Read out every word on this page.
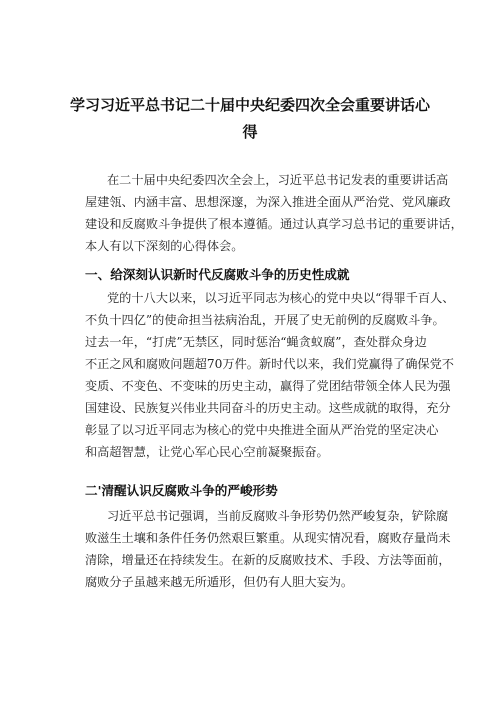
学习习近平总书记二十届中央纪委四次全会重要讲话心
得
在二十届中央纪委四次全会上，习近平总书记发表的重要讲话高
屋建瓴、内涵丰富、思想深邃，为深入推进全面从严治党、党风廉政
建设和反腐败斗争提供了根本遵循。通过认真学习总书记的重要讲话，
本人有以下深刻的心得体会。
一、给深刻认识新时代反腐败斗争的历史性成就
党的十八大以来，以习近平同志为核心的党中央以“得罪千百人、
不负十四亿”的使命担当祛病治乱，开展了史无前例的反腐败斗争。
过去一年，“打虎”无禁区，同时惩治“蝇贪蚁腐”，查处群众身边
不正之风和腐败问题超70万件。新时代以来，我们党赢得了确保党不
变质、不变色、不变味的历史主动，赢得了党团结带领全体人民为强
国建设、民族复兴伟业共同奋斗的历史主动。这些成就的取得，充分
彰显了以习近平同志为核心的党中央推进全面从严治党的坚定决心
和高超智慧，让党心军心民心空前凝聚振奋。
二'清醒认识反腐败斗争的严峻形势
习近平总书记强调，当前反腐败斗争形势仍然严峻复杂，铲除腐
败滋生土壤和条件任务仍然艰巨繁重。从现实情况看，腐败存量尚未
清除，增量还在持续发生。在新的反腐败技术、手段、方法等面前，
腐败分子虽越来越无所遁形，但仍有人胆大妄为。
